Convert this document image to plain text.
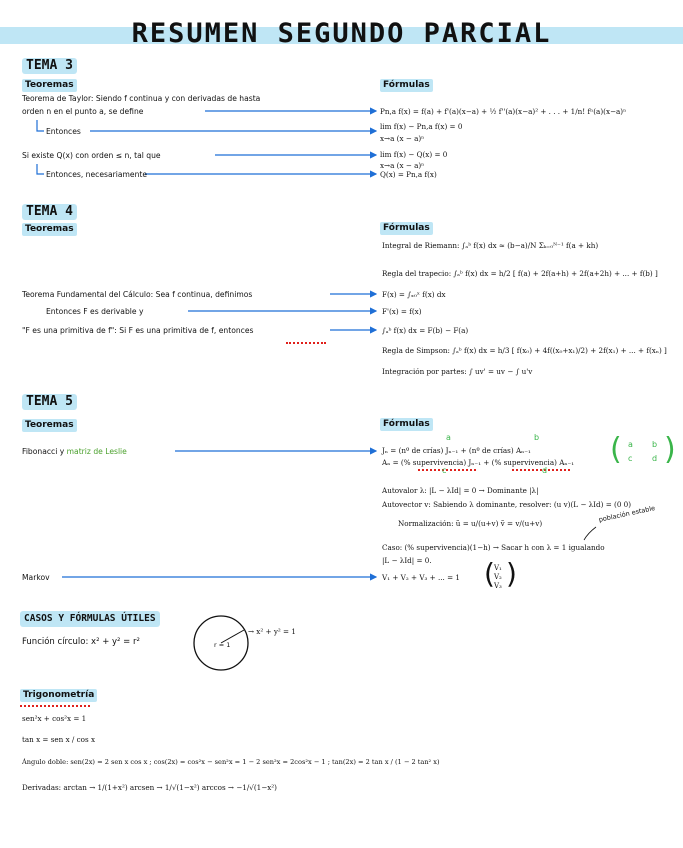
RESUMEN SEGUNDO PARCIAL
TEMA 3
Teoremas	Fórmulas
Teorema de Taylor: Siendo f continua y con derivadas de hasta
orden n en el punto a, se define	Pn,a f(x) = f(a) + f'(a)(x−a) + ½ f''(a)(x−a)² + . . . + 1/n! fⁿ(a)(x−a)ⁿ
Entonces
lim f(x) − Pn,a f(x) = 0
x→a (x − a)ⁿ
Si existe Q(x) con orden ≤ n, tal que	lim f(x) − Q(x) = 0
x→a (x − a)ⁿ
Entonces, necesariamente	Q(x) = Pn,a f(x)
TEMA 4
Teoremas	Fórmulas
Integral de Riemann: ∫ₐᵇ f(x) dx ≈ (b−a)/N Σₖ₌₀ᴺ⁻¹ f(a + kh)
Regla del trapecio: ∫ₐᵇ f(x) dx = h/2 [ f(a) + 2f(a+h) + 2f(a+2h) + ... + f(b) ]
Teorema Fundamental del Cálculo: Sea f continua, definimos	F(x) = ∫ₓ₀ˣ f(x) dx
Entonces F es derivable y	F'(x) = f(x)
"F es una primitiva de f": Si F es una primitiva de f, entonces	∫ₐᵇ f(x) dx = F(b) − F(a)
Regla de Simpson: ∫ₐᵇ f(x) dx = h/3 [ f(x₀) + 4f((x₀+x₁)/2) + 2f(x₁) + ... + f(xₙ) ]
Integración por partes: ∫ uv' = uv − ∫ u'v
TEMA 5
Teoremas	Fórmulas
Fibonacci y matriz de Leslie
a	b
Jₙ = (nº de crías) Jₙ₋₁ + (nº de crías) Aₙ₋₁
Aₙ = (% supervivencia) Jₙ₋₁ + (% supervivencia) Aₙ₋₁
c	d
( )
a b
c d
Autovalor λ: |L − λId| = 0 → Dominante |λ|
Autovector v: Sabiendo λ dominante, resolver: (u v)(L − λId) = (0 0)
Normalización: ũ = u/(u+v) ṽ = v/(u+v)	población estable
Caso: (% supervivencia)(1−h) → Sacar h con λ = 1 igualando
|L − λId| = 0.
Markov	V₁ + V₂ + V₃ + ... = 1 ( )
V₁
V₂
V₃
CASOS Y FÓRMULAS ÚTILES
Función círculo: x² + y² = r²	r = 1
→ x² + y² = 1
Trigonometría
sen²x + cos²x = 1
tan x = sen x / cos x
Ángulo doble: sen(2x) = 2 sen x cos x ; cos(2x) = cos²x − sen²x = 1 − 2 sen²x = 2cos²x − 1 ; tan(2x) = 2 tan x / (1 − 2 tan² x)
Derivadas: arctan → 1/(1+x²) arcsen → 1/√(1−x²) arccos → −1/√(1−x²)
